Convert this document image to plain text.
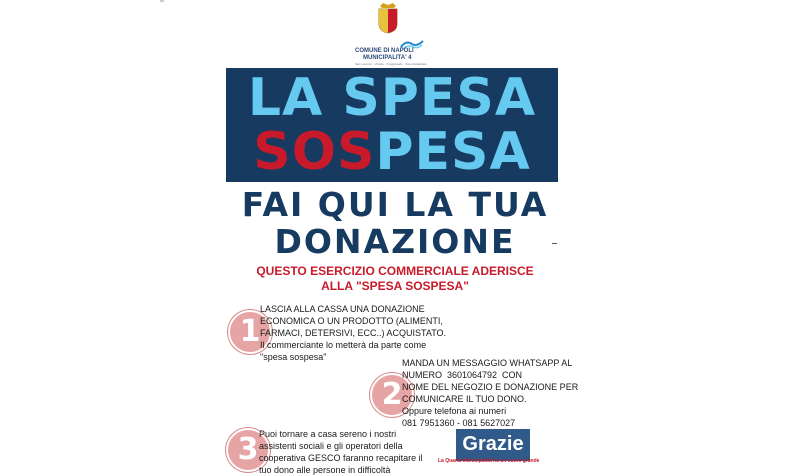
COMUNE DI NAPOLI
MUNICIPALITA' 4
San Lorenzo · Vicaria · Poggioreale · Zona Industriale
LA SPESA
SOSPESA
FAI QUI LA TUA
DONAZIONE
QUESTO ESERCIZIO COMMERCIALE ADERISCE
ALLA "SPESA SOSPESA"
1
LASCIA ALLA CASSA UNA DONAZIONE
ECONOMICA O UN PRODOTTO (ALIMENTI,
FARMACI, DETERSIVI, ECC..) ACQUISTATO.
Il commerciante lo metterà da parte come
"spesa sospesa"
2
MANDA UN MESSAGGIO WHATSAPP AL
NUMERO  3601064792  CON
NOME DEL NEGOZIO E DONAZIONE PER
COMUNICARE IL TUO DONO.
Oppure telefona ai numeri
081 7951360 - 081 5627027
3 Puoi tornare a casa sereno i nostri
assistenti sociali e gli operatori della
cooperativa GESCO faranno recapitare il
tuo dono alle persone in difficoltà
Grazie
La Quarta Municipalità ha un cuore grande
